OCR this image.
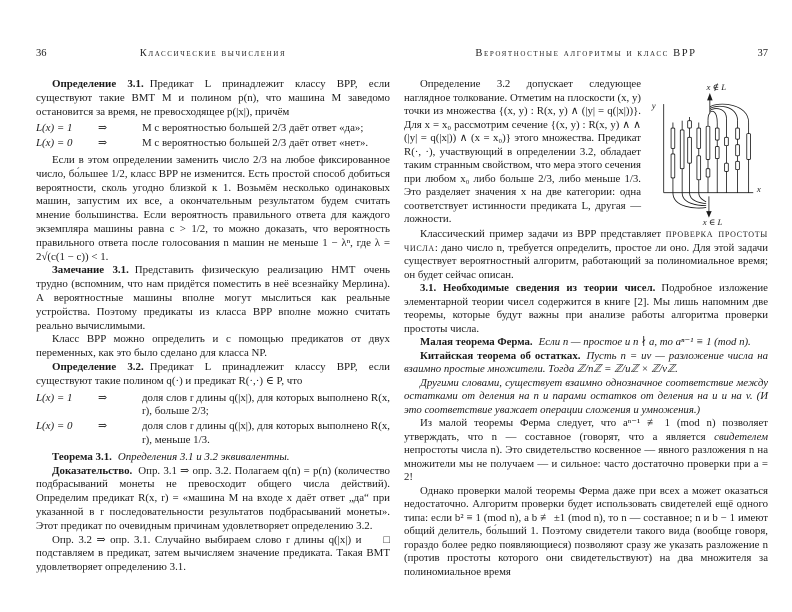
36	Классические вычисления

Определение 3.1. Предикат L принадлежит классу BPP, если существуют такие ВМТ M и полином p(n), что машина M заведомо остановится за время, не превосходящее p(|x|), причём

L(x) = 1	⇒	M с вероятностью большей 2/3 даёт ответ «да»;
L(x) = 0	⇒	M с вероятностью большей 2/3 даёт ответ «нет».

Если в этом определении заменить число 2/3 на любое фиксированное число, бо́льшее 1/2, класс BPP не изменится. Есть простой способ добиться вероятности, сколь угодно близкой к 1. Возьмём несколько одинаковых машин, запустим их все, а окончательным результатом будем считать мнение большинства. Если вероятность правильного ответа для каждого экземпляра машины равна c > 1/2, то можно доказать, что вероятность правильного ответа после голосования n машин не меньше 1 − λⁿ, где λ = 2√(c(1 − c)) < 1.

Замечание 3.1. Представить физическую реализацию НМТ очень трудно (вспомним, что нам придётся поместить в неё всезнайку Мерлина). А вероятностные машины вполне могут мыслиться как реальные устройства. Поэтому предикаты из класса BPP вполне можно считать реально вычислимыми.

Класс BPP можно определить и с помощью предикатов от двух переменных, как это было сделано для класса NP.

Определение 3.2. Предикат L принадлежит классу BPP, если существуют такие полином q(·) и предикат R(·,·) ∈ P, что

L(x) = 1	⇒	доля слов r длины q(|x|), для которых выполнено R(x, r), больше 2/3;
L(x) = 0	⇒	доля слов r длины q(|x|), для которых выполнено R(x, r), меньше 1/3.

Теорема 3.1. Определения 3.1 и 3.2 эквивалентны.

Доказательство. Опр. 3.1 ⇒ опр. 3.2. Полагаем q(n) = p(n) (количество подбрасываний монеты не превосходит общего числа действий). Определим предикат R(x, r) = «машина M на входе x даёт ответ „да“ при указанной в r последовательности результатов подбрасываний монеты». Этот предикат по очевидным причинам удовлетворяет определению 3.2.

□
Опр. 3.2 ⇒ опр. 3.1. Случайно выбираем слово r длины q(|x|) и подставляем в предикат, затем вычисляем значение предиката. Такая ВМТ удовлетворяет определению 3.1.

Вероятностные алгоритмы и класс BPP	37
x ∉ L
y
x
x ∈ L

Определение 3.2 допускает следующее наглядное толкование. Отметим на плоскости (x, y) точки из множества {(x, y) : R(x, y) ∧ (|y| = q(|x|))}. Для x = x₀ рассмотрим сечение {(x, y) : R(x, y) ∧ ∧ (|y| = q(|x|)) ∧ (x = x₀)} этого множества. Предикат R(·, ·), участвующий в определении 3.2, обладает таким странным свойством, что мера этого сечения при любом x₀ либо больше 2/3, либо меньше 1/3. Это разделяет значения x на две категории: одна соответствует истинности предиката L, другая — ложности.

Классический пример задачи из BPP представляет проверка простоты числа: дано число n, требуется определить, простое ли оно. Для этой задачи существует вероятностный алгоритм, работающий за полиномиальное время; он будет сейчас описан.

3.1. Необходимые сведения из теории чисел. Подробное изложение элементарной теории чисел содержится в книге [2]. Мы лишь напомним две теоремы, которые будут важны при анализе работы алгоритма проверки простоты числа.

Малая теорема Ферма. Если n — простое и n ∤ a, то aⁿ⁻¹ ≡ 1 (mod n).

Китайская теорема об остатках. Пусть n = uv — разложение числа на взаимно простые множители. Тогда ℤ/nℤ = ℤ/uℤ × ℤ/vℤ.

Другими словами, существует взаимно однозначное соответствие между остатками от деления на n и парами остатков от деления на u и на v. (И это соответствие уважает операции сложения и умножения.)

Из малой теоремы Ферма следует, что aⁿ⁻¹ ≢ 1 (mod n) позволяет утверждать, что n — составное (говорят, что a является свидетелем непростоты числа n). Это свидетельство косвенное — явного разложения n на множители мы не получаем — и сильное: часто достаточно проверки при a = 2!

Однако проверки малой теоремы Ферма даже при всех a может оказаться недостаточно. Алгоритм проверки будет использовать свидетелей ещё одного типа: если b² ≡ 1 (mod n), а b ≢ ±1 (mod n), то n — составное; n и b − 1 имеют общий делитель, бо́льший 1. Поэтому свидетели такого вида (вообще говоря, гораздо более редко появляющиеся) позволяют сразу же указать разложение n (против простоты которого они свидетельствуют) на два множителя за полиномиальное время
